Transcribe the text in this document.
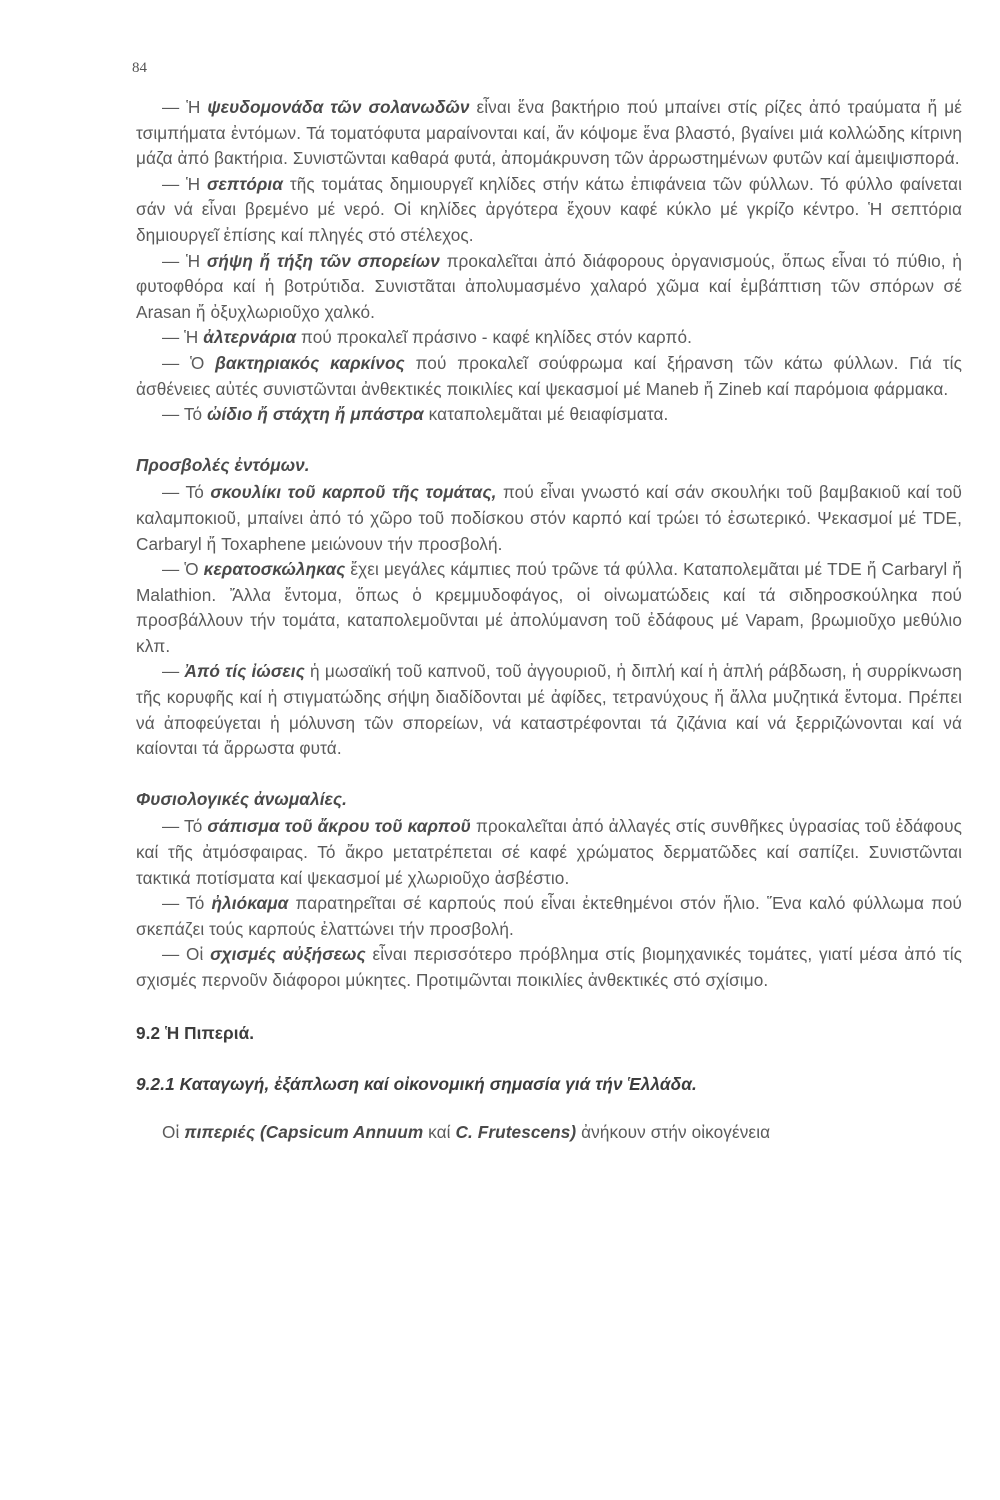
84

— Ἡ ψευδομονάδα τῶν σολανωδῶν εἶναι ἕνα βακτήριο πού μπαίνει στίς ρίζες ἀπό τραύματα ἤ μέ τσιμπήματα ἐντόμων. Τά τοματόφυτα μαραίνονται καί, ἄν κόψομε ἕνα βλαστό, βγαίνει μιά κολλώδης κίτρινη μάζα ἀπό βακτήρια. Συνιστῶνται καθαρά φυτά, ἀπομάκρυνση τῶν ἀρρωστημένων φυτῶν καί ἀμειψισπορά.

— Ἡ σεπτόρια τῆς τομάτας δημιουργεῖ κηλίδες στήν κάτω ἐπιφάνεια τῶν φύλλων. Τό φύλλο φαίνεται σάν νά εἶναι βρεμένο μέ νερό. Οἱ κηλίδες ἀργότερα ἔχουν καφέ κύκλο μέ γκρίζο κέντρο. Ἡ σεπτόρια δημιουργεῖ ἐπίσης καί πληγές στό στέλεχος.

— Ἡ σήψη ἤ τήξη τῶν σπορείων προκαλεῖται ἀπό διάφορους ὀργανισμούς, ὅπως εἶναι τό πύθιο, ἡ φυτοφθόρα καί ἡ βοτρύτιδα. Συνιστᾶται ἀπολυμασμένο χαλαρό χῶμα καί ἐμβάπτιση τῶν σπόρων σέ Arasan ἤ ὀξυχλωριοῦχο χαλκό.

— Ἡ ἀλτερνάρια πού προκαλεῖ πράσινο - καφέ κηλίδες στόν καρπό.

— Ὁ βακτηριακός καρκίνος πού προκαλεῖ σούφρωμα καί ξήρανση τῶν κάτω φύλλων. Γιά τίς ἀσθένειες αὐτές συνιστῶνται ἀνθεκτικές ποικιλίες καί ψεκασμοί μέ Maneb ἤ Zineb καί παρόμοια φάρμακα.

— Τό ὠίδιο ἤ στάχτη ἤ μπάστρα καταπολεμᾶται μέ θειαφίσματα.

Προσβολές ἐντόμων.

— Τό σκουλίκι τοῦ καρποῦ τῆς τομάτας, πού εἶναι γνωστό καί σάν σκουλήκι τοῦ βαμβακιοῦ καί τοῦ καλαμποκιοῦ, μπαίνει ἀπό τό χῶρο τοῦ ποδίσκου στόν καρπό καί τρώει τό ἐσωτερικό. Ψεκασμοί μέ TDE, Carbaryl ἤ Toxaphene μειώνουν τήν προσβολή.

— Ὁ κερατοσκώληκας ἔχει μεγάλες κάμπιες πού τρῶνε τά φύλλα. Καταπολεμᾶται μέ TDE ἤ Carbaryl ἤ Malathion. Ἄλλα ἔντομα, ὅπως ὁ κρεμμυδοφάγος, οἱ οἰνωματώδεις καί τά σιδηροσκούληκα πού προσβάλλουν τήν τομάτα, καταπολεμοῦνται μέ ἀπολύμανση τοῦ ἐδάφους μέ Vapam, βρωμιοῦχο μεθύλιο κλπ.

— Ἀπό τίς ἰώσεις ἡ μωσαϊκή τοῦ καπνοῦ, τοῦ ἀγγουριοῦ, ἡ διπλή καί ἡ ἁπλή ράβδωση, ἡ συρρίκνωση τῆς κορυφῆς καί ἡ στιγματώδης σήψη διαδίδονται μέ ἀφίδες, τετρανύχους ἤ ἄλλα μυζητικά ἔντομα. Πρέπει νά ἀποφεύγεται ἡ μόλυνση τῶν σπορείων, νά καταστρέφονται τά ζιζάνια καί νά ξερριζώνονται καί νά καίονται τά ἄρρωστα φυτά.

Φυσιολογικές ἀνωμαλίες.

— Τό σάπισμα τοῦ ἄκρου τοῦ καρποῦ προκαλεῖται ἀπό ἀλλαγές στίς συνθῆκες ὑγρασίας τοῦ ἐδάφους καί τῆς ἀτμόσφαιρας. Τό ἄκρο μετατρέπεται σέ καφέ χρώματος δερματῶδες καί σαπίζει. Συνιστῶνται τακτικά ποτίσματα καί ψεκασμοί μέ χλωριοῦχο ἀσβέστιο.

— Τό ἠλιόκαμα παρατηρεῖται σέ καρπούς πού εἶναι ἐκτεθημένοι στόν ἥλιο. Ἕνα καλό φύλλωμα πού σκεπάζει τούς καρπούς ἐλαττώνει τήν προσβολή.

— Οἱ σχισμές αὐξήσεως εἶναι περισσότερο πρόβλημα στίς βιομηχανικές τομάτες, γιατί μέσα ἀπό τίς σχισμές περνοῦν διάφοροι μύκητες. Προτιμῶνται ποικιλίες ἀνθεκτικές στό σχίσιμο.

9.2 Ἡ Πιπεριά.
9.2.1 Καταγωγή, ἐξάπλωση καί οἰκονομική σημασία γιά τήν Ἑλλάδα.

Οἱ πιπεριές (Capsicum Annuum καί C. Frutescens) ἀνήκουν στήν οἰκογένεια
